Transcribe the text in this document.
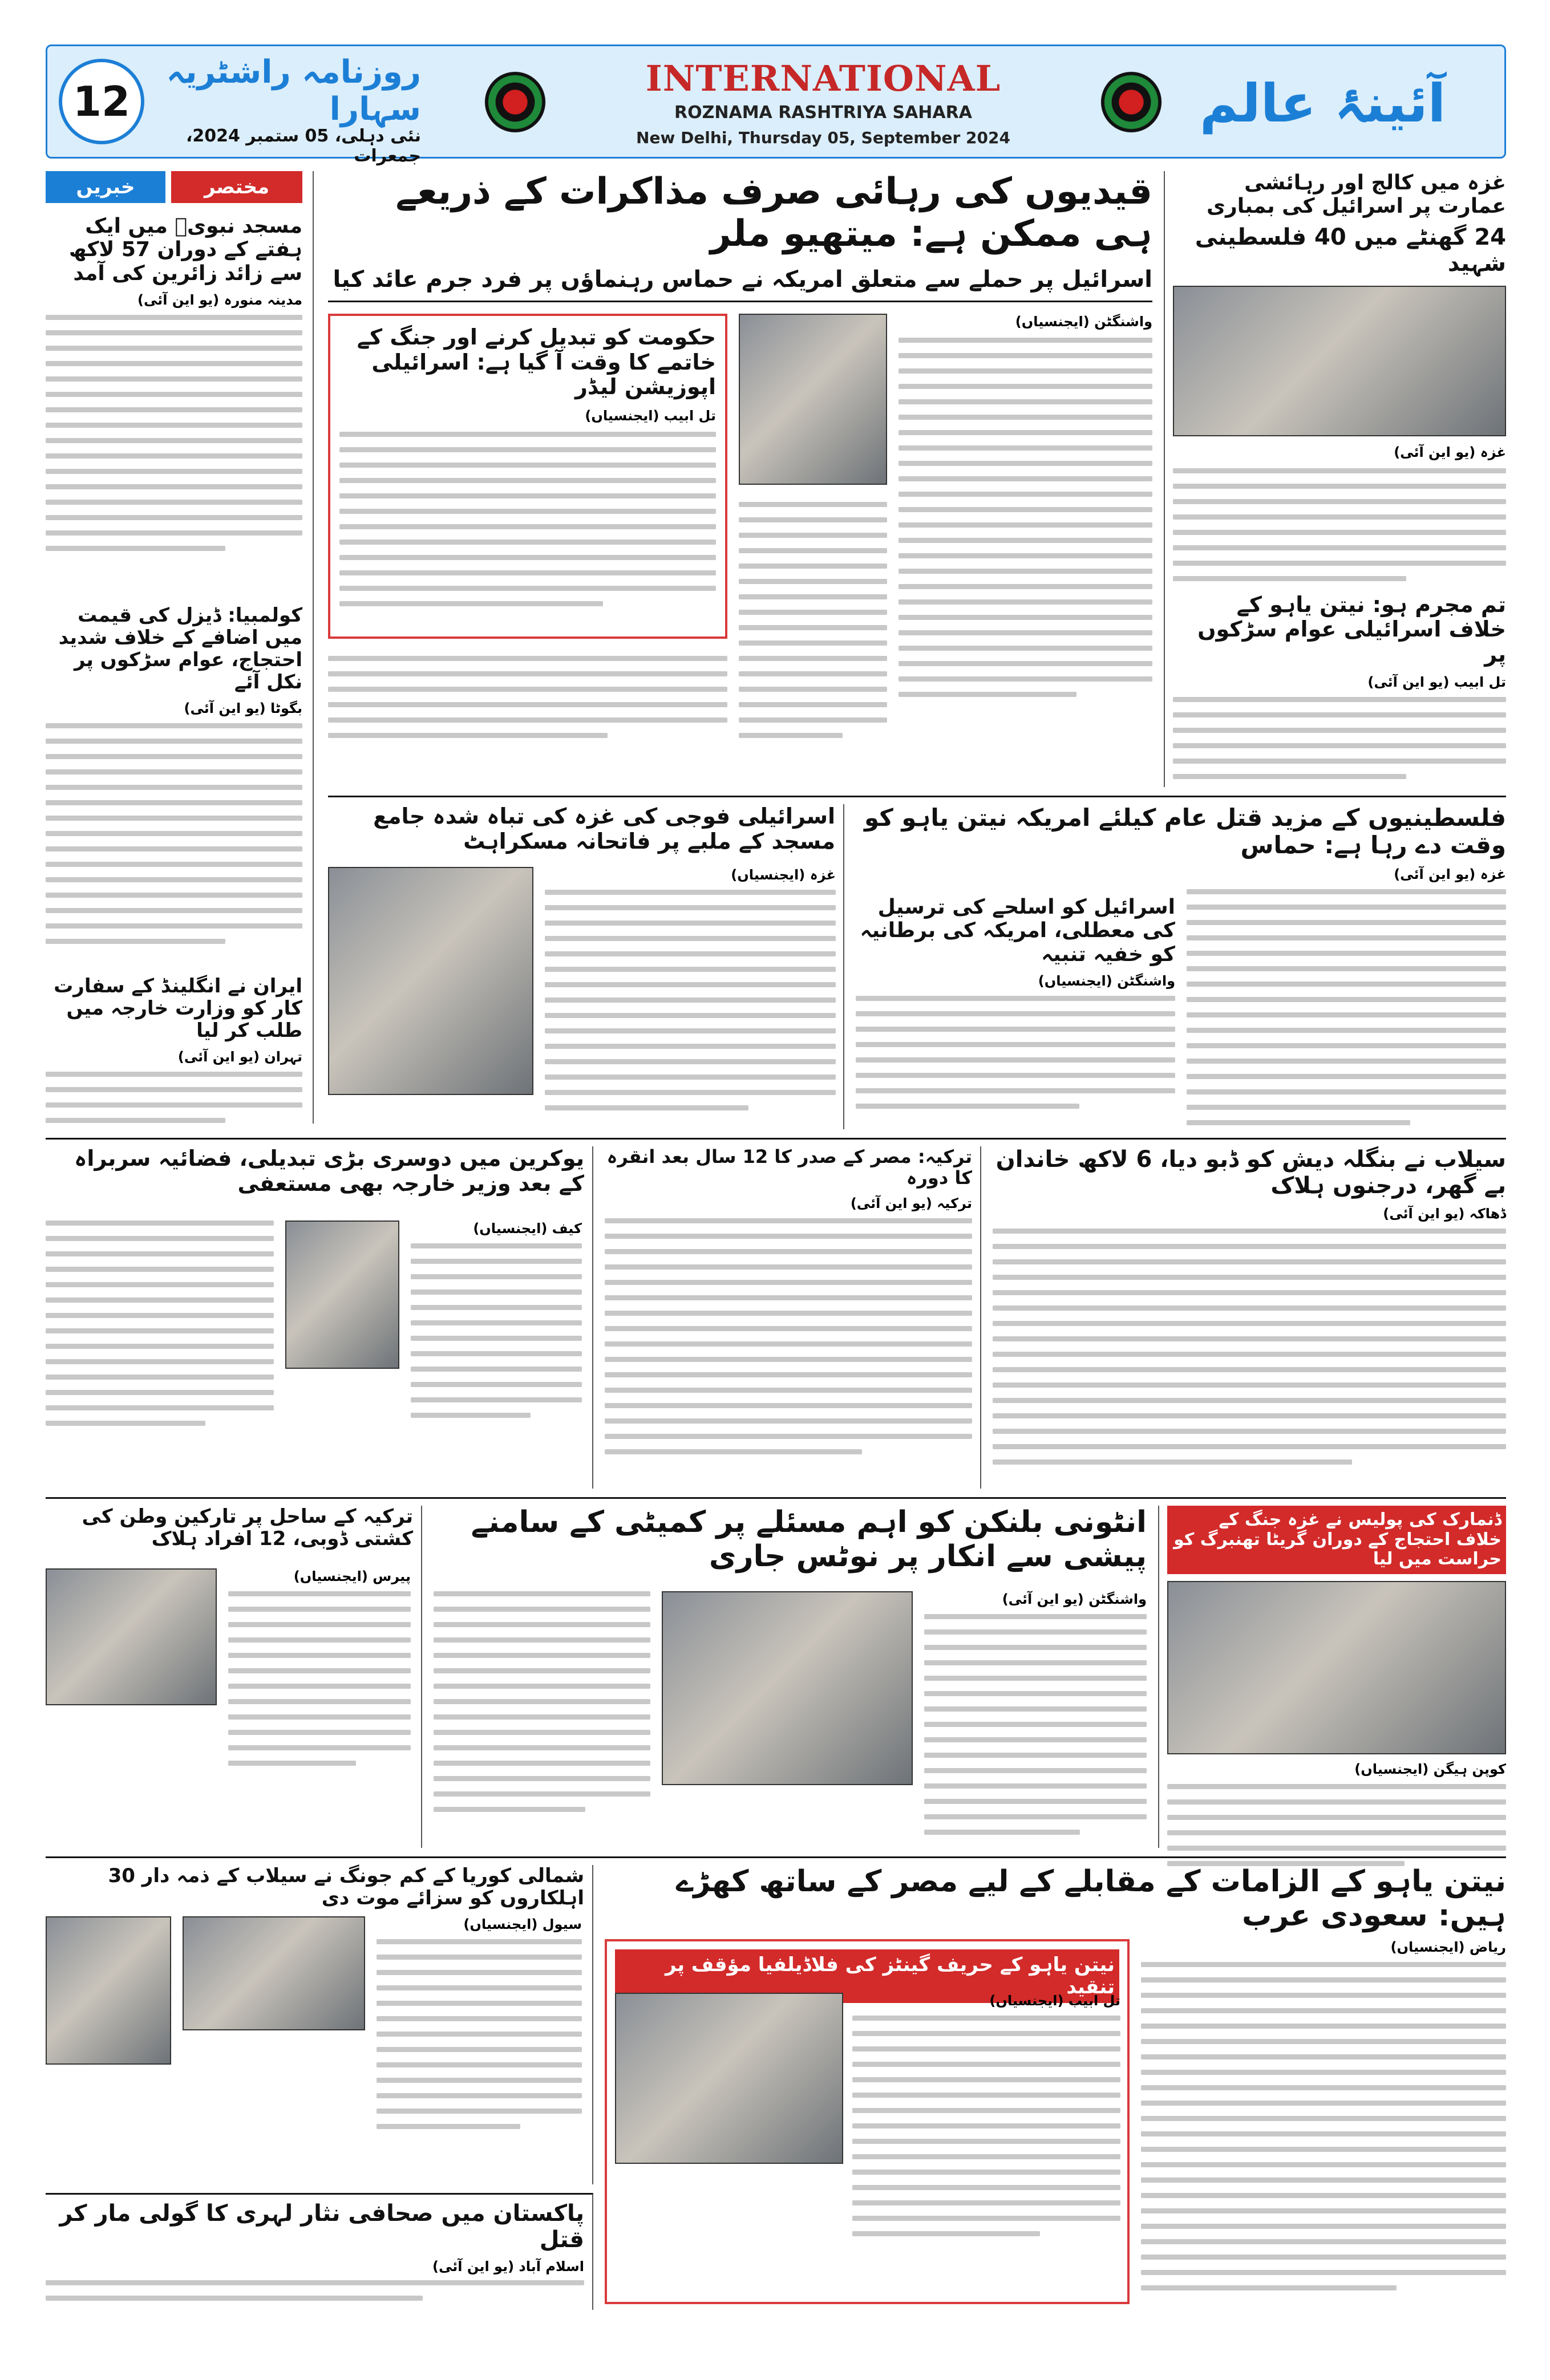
12
روزنامہ راشٹریہ سہارا
نئی دہلی، 05 ستمبر 2024، جمعرات
INTERNATIONAL
ROZNAMA RASHTRIYA SAHARA
New Delhi, Thursday 05, September 2024
آئینۂ عالم
خبریں	مختصر
مسجد نبویؐ میں ایک ہفتے کے دوران 57 لاکھ سے زائد زائرین کی آمد
مدینہ منورہ (یو این آئی)
کولمبیا: ڈیزل کی قیمت میں اضافے کے خلاف شدید احتجاج، عوام سڑکوں پر نکل آئے
بگوٹا (یو این آئی)
ایران نے انگلینڈ کے سفارت کار کو وزارت خارجہ میں طلب کر لیا
تہران (یو این آئی)
قیدیوں کی رہائی صرف مذاکرات کے ذریعے ہی ممکن ہے: میتھیو ملر
اسرائیل پر حملے سے متعلق امریکہ نے حماس رہنماؤں پر فرد جرم عائد کیا
واشنگٹن (ایجنسیاں)
حکومت کو تبدیل کرنے اور جنگ کے خاتمے کا وقت آ گیا ہے: اسرائیلی اپوزیشن لیڈر
تل ابیب (ایجنسیاں)
غزہ میں کالج اور رہائشی عمارت پر اسرائیل کی بمباری
24 گھنٹے میں 40 فلسطینی شہید
غزہ (یو این آئی)
تم مجرم ہو: نیتن یاہو کے خلاف اسرائیلی عوام سڑکوں پر
تل ابیب (یو این آئی)
فلسطینیوں کے مزید قتل عام کیلئے امریکہ نیتن یاہو کو وقت دے رہا ہے: حماس
غزہ (یو این آئی)
اسرائیل کو اسلحے کی ترسیل کی معطلی، امریکہ کی برطانیہ کو خفیہ تنبیہ
واشنگٹن (ایجنسیاں)
اسرائیلی فوجی کی غزہ کی تباہ شدہ جامع مسجد کے ملبے پر فاتحانہ مسکراہٹ
غزہ (ایجنسیاں)
سیلاب نے بنگلہ دیش کو ڈبو دیا، 6 لاکھ خاندان بے گھر، درجنوں ہلاک
ڈھاکہ (یو این آئی)
ترکیہ: مصر کے صدر کا 12 سال بعد انقرہ کا دورہ
ترکیہ (یو این آئی)
یوکرین میں دوسری بڑی تبدیلی، فضائیہ سربراہ کے بعد وزیر خارجہ بھی مستعفی
کیف (ایجنسیاں)
ڈنمارک کی پولیس نے غزہ جنگ کے خلاف احتجاج کے دوران گریٹا تھنبرگ کو حراست میں لیا
کوپن ہیگن (ایجنسیاں)
انٹونی بلنکن کو اہم مسئلے پر کمیٹی کے سامنے پیشی سے انکار پر نوٹس جاری
واشنگٹن (یو این آئی)
ترکیہ کے ساحل پر تارکین وطن کی کشتی ڈوبی، 12 افراد ہلاک
پیرس (ایجنسیاں)
نیتن یاہو کے الزامات کے مقابلے کے لیے مصر کے ساتھ کھڑے ہیں: سعودی عرب
نیتن یاہو کے حریف گینٹز کی فلاڈیلفیا مؤقف پر تنقید
تل ابیب (ایجنسیاں)
ریاض (ایجنسیاں)
شمالی کوریا کے کم جونگ نے سیلاب کے ذمہ دار 30 اہلکاروں کو سزائے موت دی
سیول (ایجنسیاں)
پاکستان میں صحافی نثار لہری کا گولی مار کر قتل
اسلام آباد (یو این آئی)
